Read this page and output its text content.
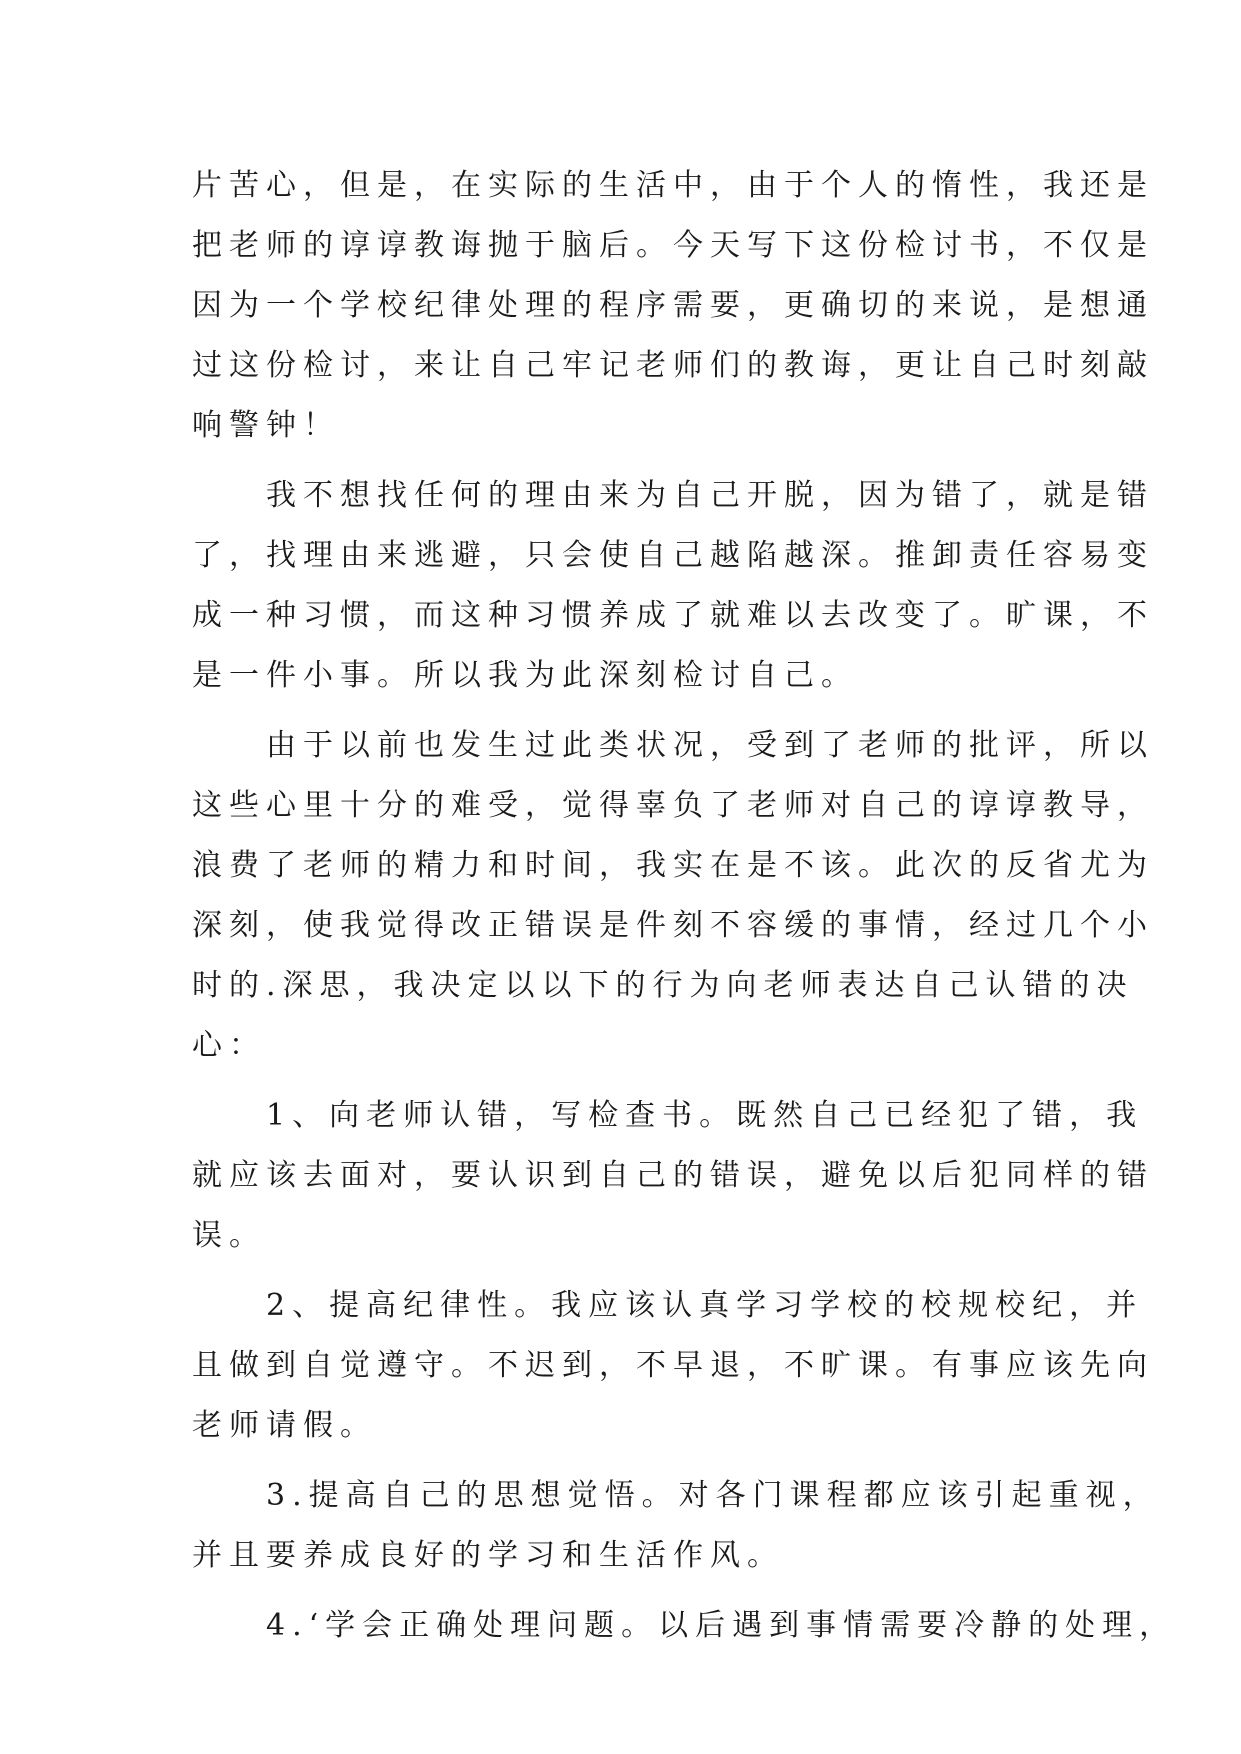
片苦心，但是，在实际的生活中，由于个人的惰性，我还是
把老师的谆谆教诲抛于脑后。今天写下这份检讨书，不仅是
因为一个学校纪律处理的程序需要，更确切的来说，是想通
过这份检讨，来让自己牢记老师们的教诲，更让自己时刻敲
响警钟！
　　我不想找任何的理由来为自己开脱，因为错了，就是错
了，找理由来逃避，只会使自己越陷越深。推卸责任容易变
成一种习惯，而这种习惯养成了就难以去改变了。旷课，不
是一件小事。所以我为此深刻检讨自己。
　　由于以前也发生过此类状况，受到了老师的批评，所以
这些心里十分的难受，觉得辜负了老师对自己的谆谆教导，
浪费了老师的精力和时间，我实在是不该。此次的反省尤为
深刻，使我觉得改正错误是件刻不容缓的事情，经过几个小
时的.深思，我决定以以下的行为向老师表达自己认错的决
心：
　　1、向老师认错，写检查书。既然自己已经犯了错，我
就应该去面对，要认识到自己的错误，避免以后犯同样的错
误。
　　2、提高纪律性。我应该认真学习学校的校规校纪，并
且做到自觉遵守。不迟到，不早退，不旷课。有事应该先向
老师请假。
　　3.提高自己的思想觉悟。对各门课程都应该引起重视，
并且要养成良好的学习和生活作风。
　　4.‘学会正确处理问题。以后遇到事情需要冷静的处理，
